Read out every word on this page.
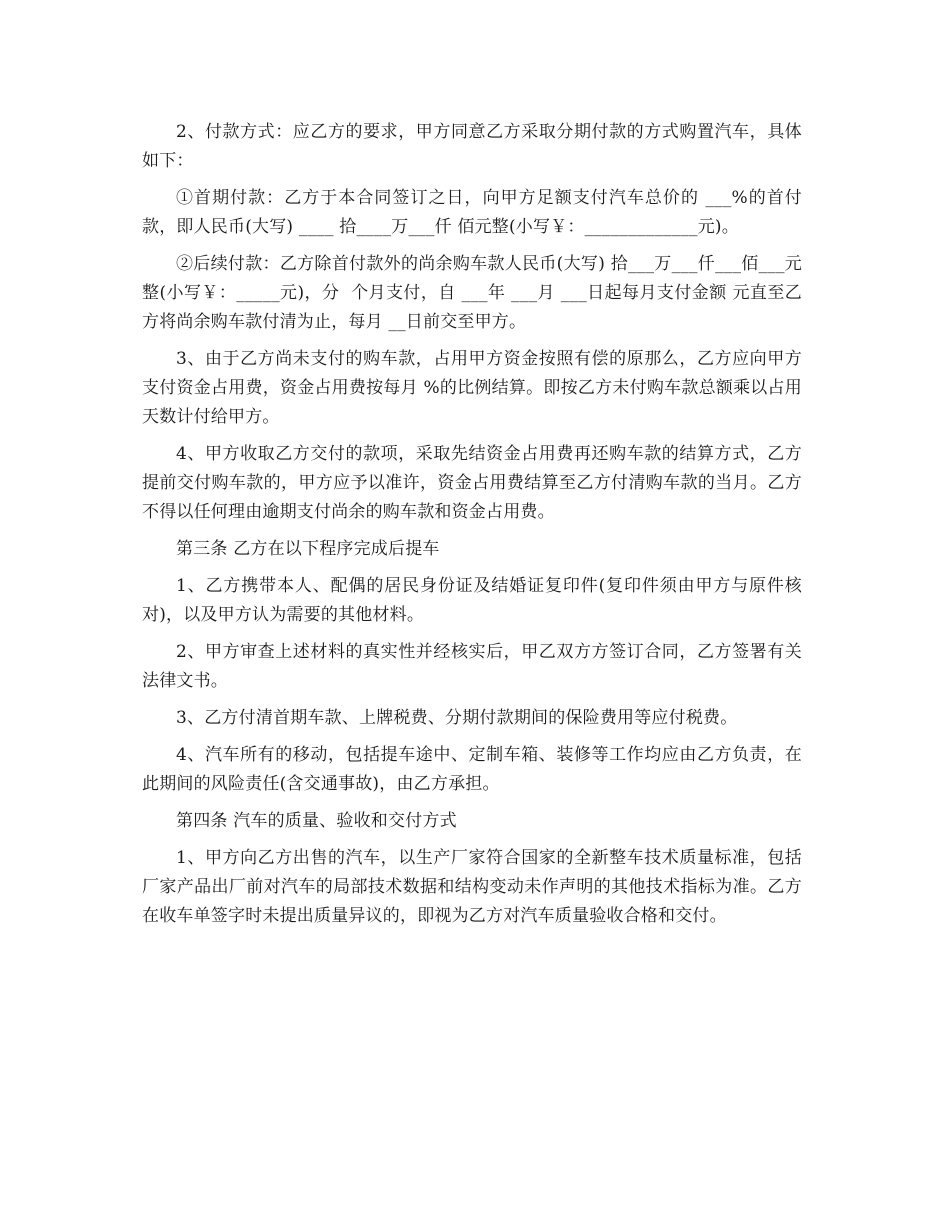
2、付款方式：应乙方的要求，甲方同意乙方采取分期付款的方式购置汽车，具体如下：

①首期付款：乙方于本合同签订之日，向甲方足额支付汽车总价的 ___%的首付款，即人民币(大写) ____ 拾____万___仟 佰元整(小写￥：_____________元)。

②后续付款：乙方除首付款外的尚余购车款人民币(大写) 拾___万___仟___佰___元整(小写￥：_____元)，分  个月支付，自 ___年 ___月 ___日起每月支付金额 元直至乙方将尚余购车款付清为止，每月 __日前交至甲方。

3、由于乙方尚未支付的购车款，占用甲方资金按照有偿的原那么，乙方应向甲方支付资金占用费，资金占用费按每月 %的比例结算。即按乙方未付购车款总额乘以占用天数计付给甲方。

4、甲方收取乙方交付的款项，采取先结资金占用费再还购车款的结算方式，乙方提前交付购车款的，甲方应予以准许，资金占用费结算至乙方付清购车款的当月。乙方不得以任何理由逾期支付尚余的购车款和资金占用费。

第三条 乙方在以下程序完成后提车

1、乙方携带本人、配偶的居民身份证及结婚证复印件(复印件须由甲方与原件核对)，以及甲方认为需要的其他材料。

2、甲方审查上述材料的真实性并经核实后，甲乙双方方签订合同，乙方签署有关法律文书。

3、乙方付清首期车款、上牌税费、分期付款期间的保险费用等应付税费。

4、汽车所有的移动，包括提车途中、定制车箱、装修等工作均应由乙方负责，在此期间的风险责任(含交通事故)，由乙方承担。

第四条 汽车的质量、验收和交付方式

1、甲方向乙方出售的汽车，以生产厂家符合国家的全新整车技术质量标准，包括厂家产品出厂前对汽车的局部技术数据和结构变动未作声明的其他技术指标为准。乙方在收车单签字时未提出质量异议的，即视为乙方对汽车质量验收合格和交付。
